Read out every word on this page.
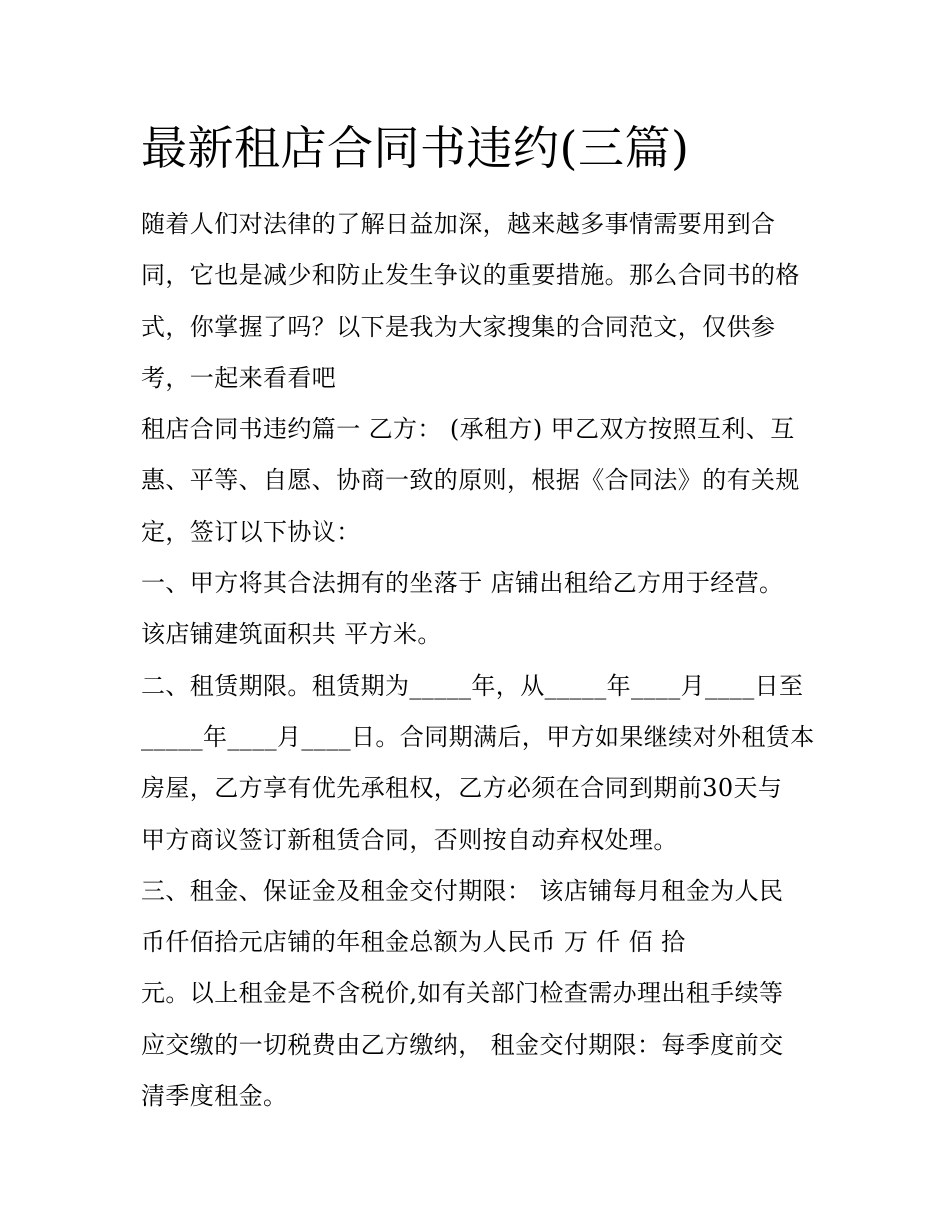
最新租店合同书违约(三篇)
随着人们对法律的了解日益加深，越来越多事情需要用到合
同，它也是减少和防止发生争议的重要措施。那么合同书的格
式，你掌握了吗？以下是我为大家搜集的合同范文，仅供参
考，一起来看看吧
租店合同书违约篇一 乙方： (承租方) 甲乙双方按照互利、互
惠、平等、自愿、协商一致的原则，根据《合同法》的有关规
定，签订以下协议：
一、甲方将其合法拥有的坐落于 店铺出租给乙方用于经营。
该店铺建筑面积共 平方米。
二、租赁期限。租赁期为_____年，从_____年____月____日至
_____年____月____日。合同期满后，甲方如果继续对外租赁本
房屋，乙方享有优先承租权，乙方必须在合同到期前30天与
甲方商议签订新租赁合同，否则按自动弃权处理。
三、租金、保证金及租金交付期限： 该店铺每月租金为人民
币仟佰拾元店铺的年租金总额为人民币 万 仟 佰 拾
元。以上租金是不含税价,如有关部门检查需办理出租手续等
应交缴的一切税费由乙方缴纳， 租金交付期限：每季度前交
清季度租金。
